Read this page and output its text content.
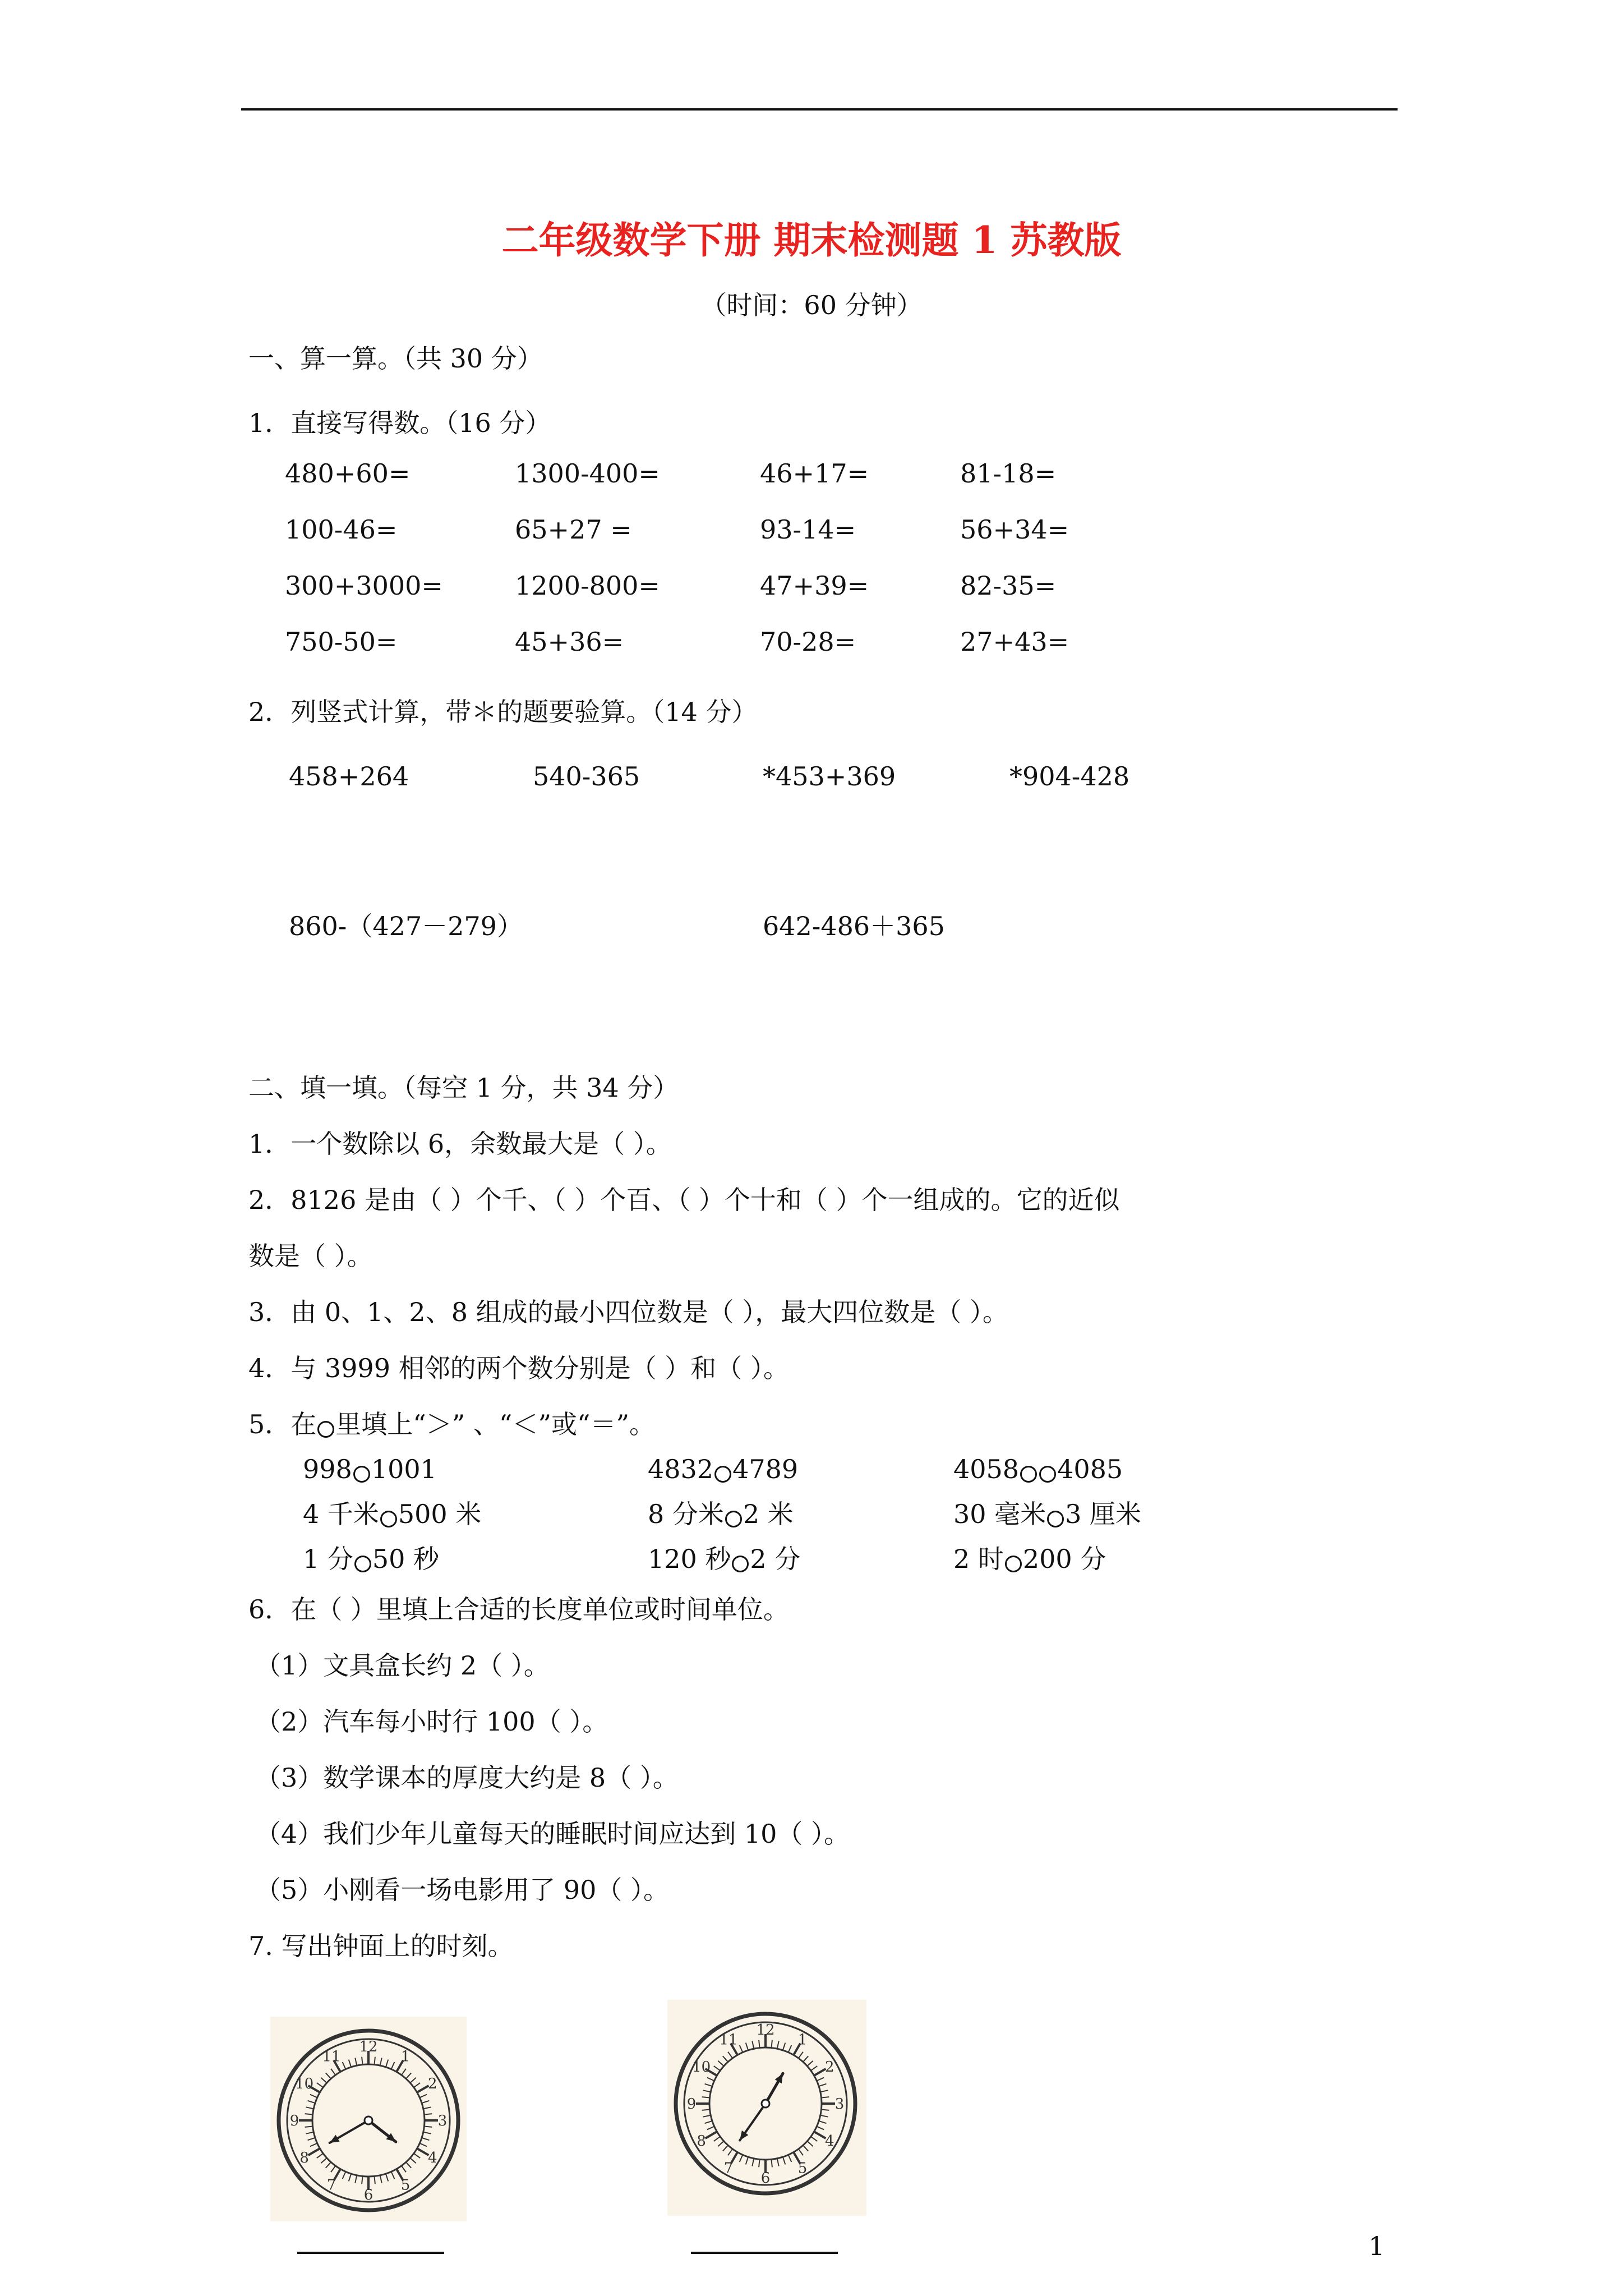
二年级数学下册 期末检测题 1 苏教版
（时间：60 分钟）
一、算一算。（共 30 分）
1．直接写得数。（16 分）
480+60=	1300-400=	46+17=	81-18=
100-46=	65+27 =	93-14=	56+34=
300+3000=	1200-800=	47+39=	82-35=
750-50=	45+36=	70-28=	27+43=
2．列竖式计算，带＊的题要验算。（14 分）
458+264	540-365	*453+369	*904-428
860-（427－279）	642-486＋365
二、填一填。（每空 1 分，共 34 分）
1．一个数除以 6，余数最大是（ ）。
2．8126 是由（ ）个千、（ ）个百、（ ）个十和（ ）个一组成的。它的近似
数是（ ）。
3．由 0、1、2、8 组成的最小四位数是（ ），最大四位数是（ ）。
4．与 3999 相邻的两个数分别是（ ）和（ ）。
5．在 里填上“＞” 、“＜”或“＝”。
998 1001	4832 4789	4058 4085
4 千米 500 米	8 分米 2 米	30 毫米 3 厘米
1 分 50 秒	120 秒 2 分	2 时 200 分
6．在（ ）里填上合适的长度单位或时间单位。
（1）文具盒长约 2（ ）。
（2）汽车每小时行 100（ ）。
（3）数学课本的厚度大约是 8（ ）。
（4）我们少年儿童每天的睡眠时间应达到 10（ ）。
（5）小刚看一场电影用了 90（ ）。
7. 写出钟面上的时刻。
12
1
2
3
4
5
6
7
8
9
10
11
12
1
2
3
4
5
6
7
8
9
10
11
1
